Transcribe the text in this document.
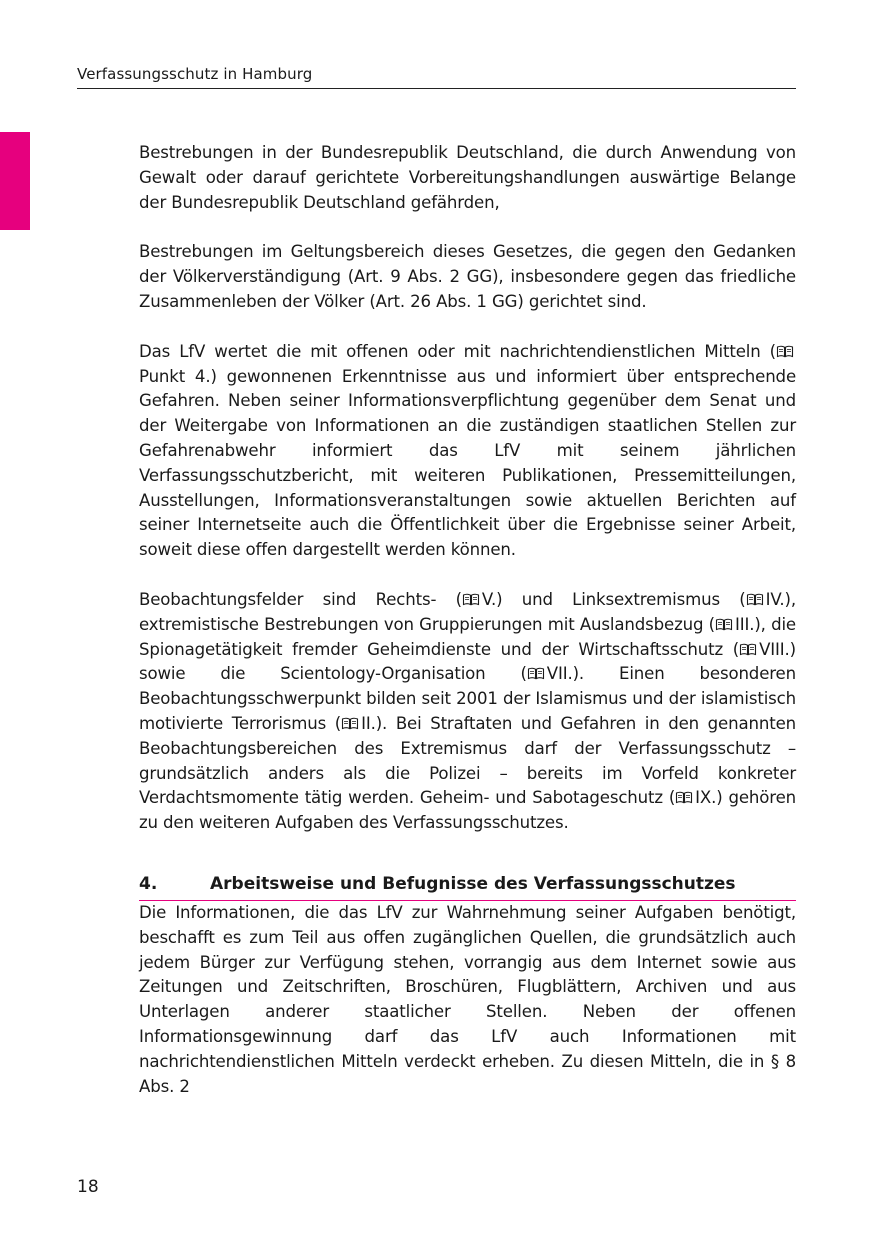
Verfassungsschutz in Hamburg

Bestrebungen in der Bundesrepublik Deutschland, die durch Anwendung von Gewalt oder darauf gerichtete Vorbereitungshandlungen auswärtige Belange der Bundesrepublik Deutschland gefährden,

Bestrebungen im Geltungsbereich dieses Gesetzes, die gegen den Gedanken der Völkerverständigung (Art. 9 Abs. 2 GG), insbesondere gegen das friedliche Zusammenleben der Völker (Art. 26 Abs. 1 GG) gerichtet sind.

Das LfV wertet die mit offenen oder mit nachrichtendienstlichen Mitteln (Punkt 4.) gewonnenen Erkenntnisse aus und informiert über entsprechende Gefahren. Neben seiner Informationsverpflichtung gegenüber dem Senat und der Weitergabe von Informationen an die zuständigen staatlichen Stellen zur Gefahrenabwehr informiert das LfV mit seinem jährlichen Verfassungsschutzbericht, mit weiteren Publikationen, Pressemitteilungen, Ausstellungen, Informationsveranstaltungen sowie aktuellen Berichten auf seiner Internetseite auch die Öffentlichkeit über die Ergebnisse seiner Arbeit, soweit diese offen dargestellt werden können.

Beobachtungsfelder sind Rechts- ( V.) und Linksextremismus ( IV.), extremistische Bestrebungen von Gruppierungen mit Auslandsbezug ( III.), die Spionagetätigkeit fremder Geheimdienste und der Wirtschaftsschutz ( VIII.) sowie die Scientology-Organisation ( VII.). Einen besonderen Beobachtungsschwerpunkt bilden seit 2001 der Islamismus und der islamistisch motivierte Terrorismus ( II.). Bei Straftaten und Gefahren in den genannten Beobachtungsbereichen des Extremismus darf der Verfassungsschutz – grundsätzlich anders als die Polizei – bereits im Vorfeld konkreter Verdachtsmomente tätig werden. Geheim- und Sabotageschutz ( IX.) gehören zu den weiteren Aufgaben des Verfassungsschutzes.

4.	Arbeitsweise und Befugnisse des Verfassungsschutzes

Die Informationen, die das LfV zur Wahrnehmung seiner Aufgaben benötigt, beschafft es zum Teil aus offen zugänglichen Quellen, die grundsätzlich auch jedem Bürger zur Verfügung stehen, vorrangig aus dem Internet sowie aus Zeitungen und Zeitschriften, Broschüren, Flugblättern, Archiven und aus Unterlagen anderer staatlicher Stellen. Neben der offenen Informationsgewinnung darf das LfV auch Informationen mit nachrichtendienstlichen Mitteln verdeckt erheben. Zu diesen Mitteln, die in § 8 Abs. 2

18
